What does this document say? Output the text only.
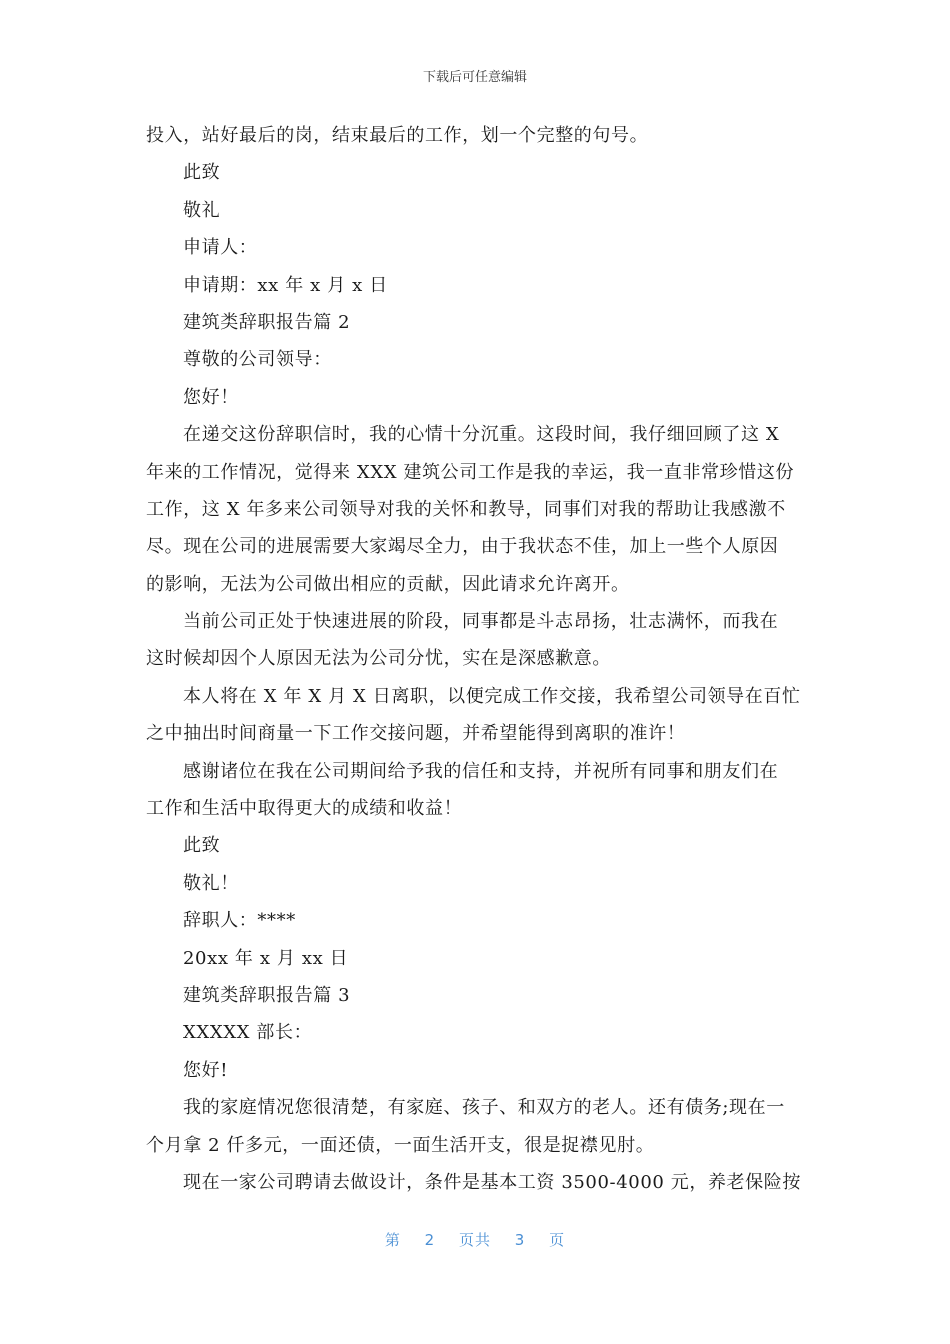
下载后可任意编辑
投入，站好最后的岗，结束最后的工作，划一个完整的句号。
此致
敬礼
申请人：
申请期：xx 年 x 月 x 日
建筑类辞职报告篇 2
尊敬的公司领导：
您好！
在递交这份辞职信时，我的心情十分沉重。这段时间，我仔细回顾了这 X
年来的工作情况，觉得来 XXX 建筑公司工作是我的幸运，我一直非常珍惜这份
工作，这 X 年多来公司领导对我的关怀和教导，同事们对我的帮助让我感激不
尽。现在公司的进展需要大家竭尽全力，由于我状态不佳，加上一些个人原因
的影响，无法为公司做出相应的贡献，因此请求允许离开。
当前公司正处于快速进展的阶段，同事都是斗志昂扬，壮志满怀，而我在
这时候却因个人原因无法为公司分忧，实在是深感歉意。
本人将在 X 年 X 月 X 日离职，以便完成工作交接，我希望公司领导在百忙
之中抽出时间商量一下工作交接问题，并希望能得到离职的准许！
感谢诸位在我在公司期间给予我的信任和支持，并祝所有同事和朋友们在
工作和生活中取得更大的成绩和收益！
此致
敬礼！
辞职人：****
20xx 年 x 月 xx 日
建筑类辞职报告篇 3
XXXXX 部长：
您好!
我的家庭情况您很清楚，有家庭、孩子、和双方的老人。还有债务;现在一
个月拿 2 仟多元，一面还债，一面生活开支，很是捉襟见肘。
现在一家公司聘请去做设计，条件是基本工资 3500-4000 元，养老保险按
第 2 页共 3 页
